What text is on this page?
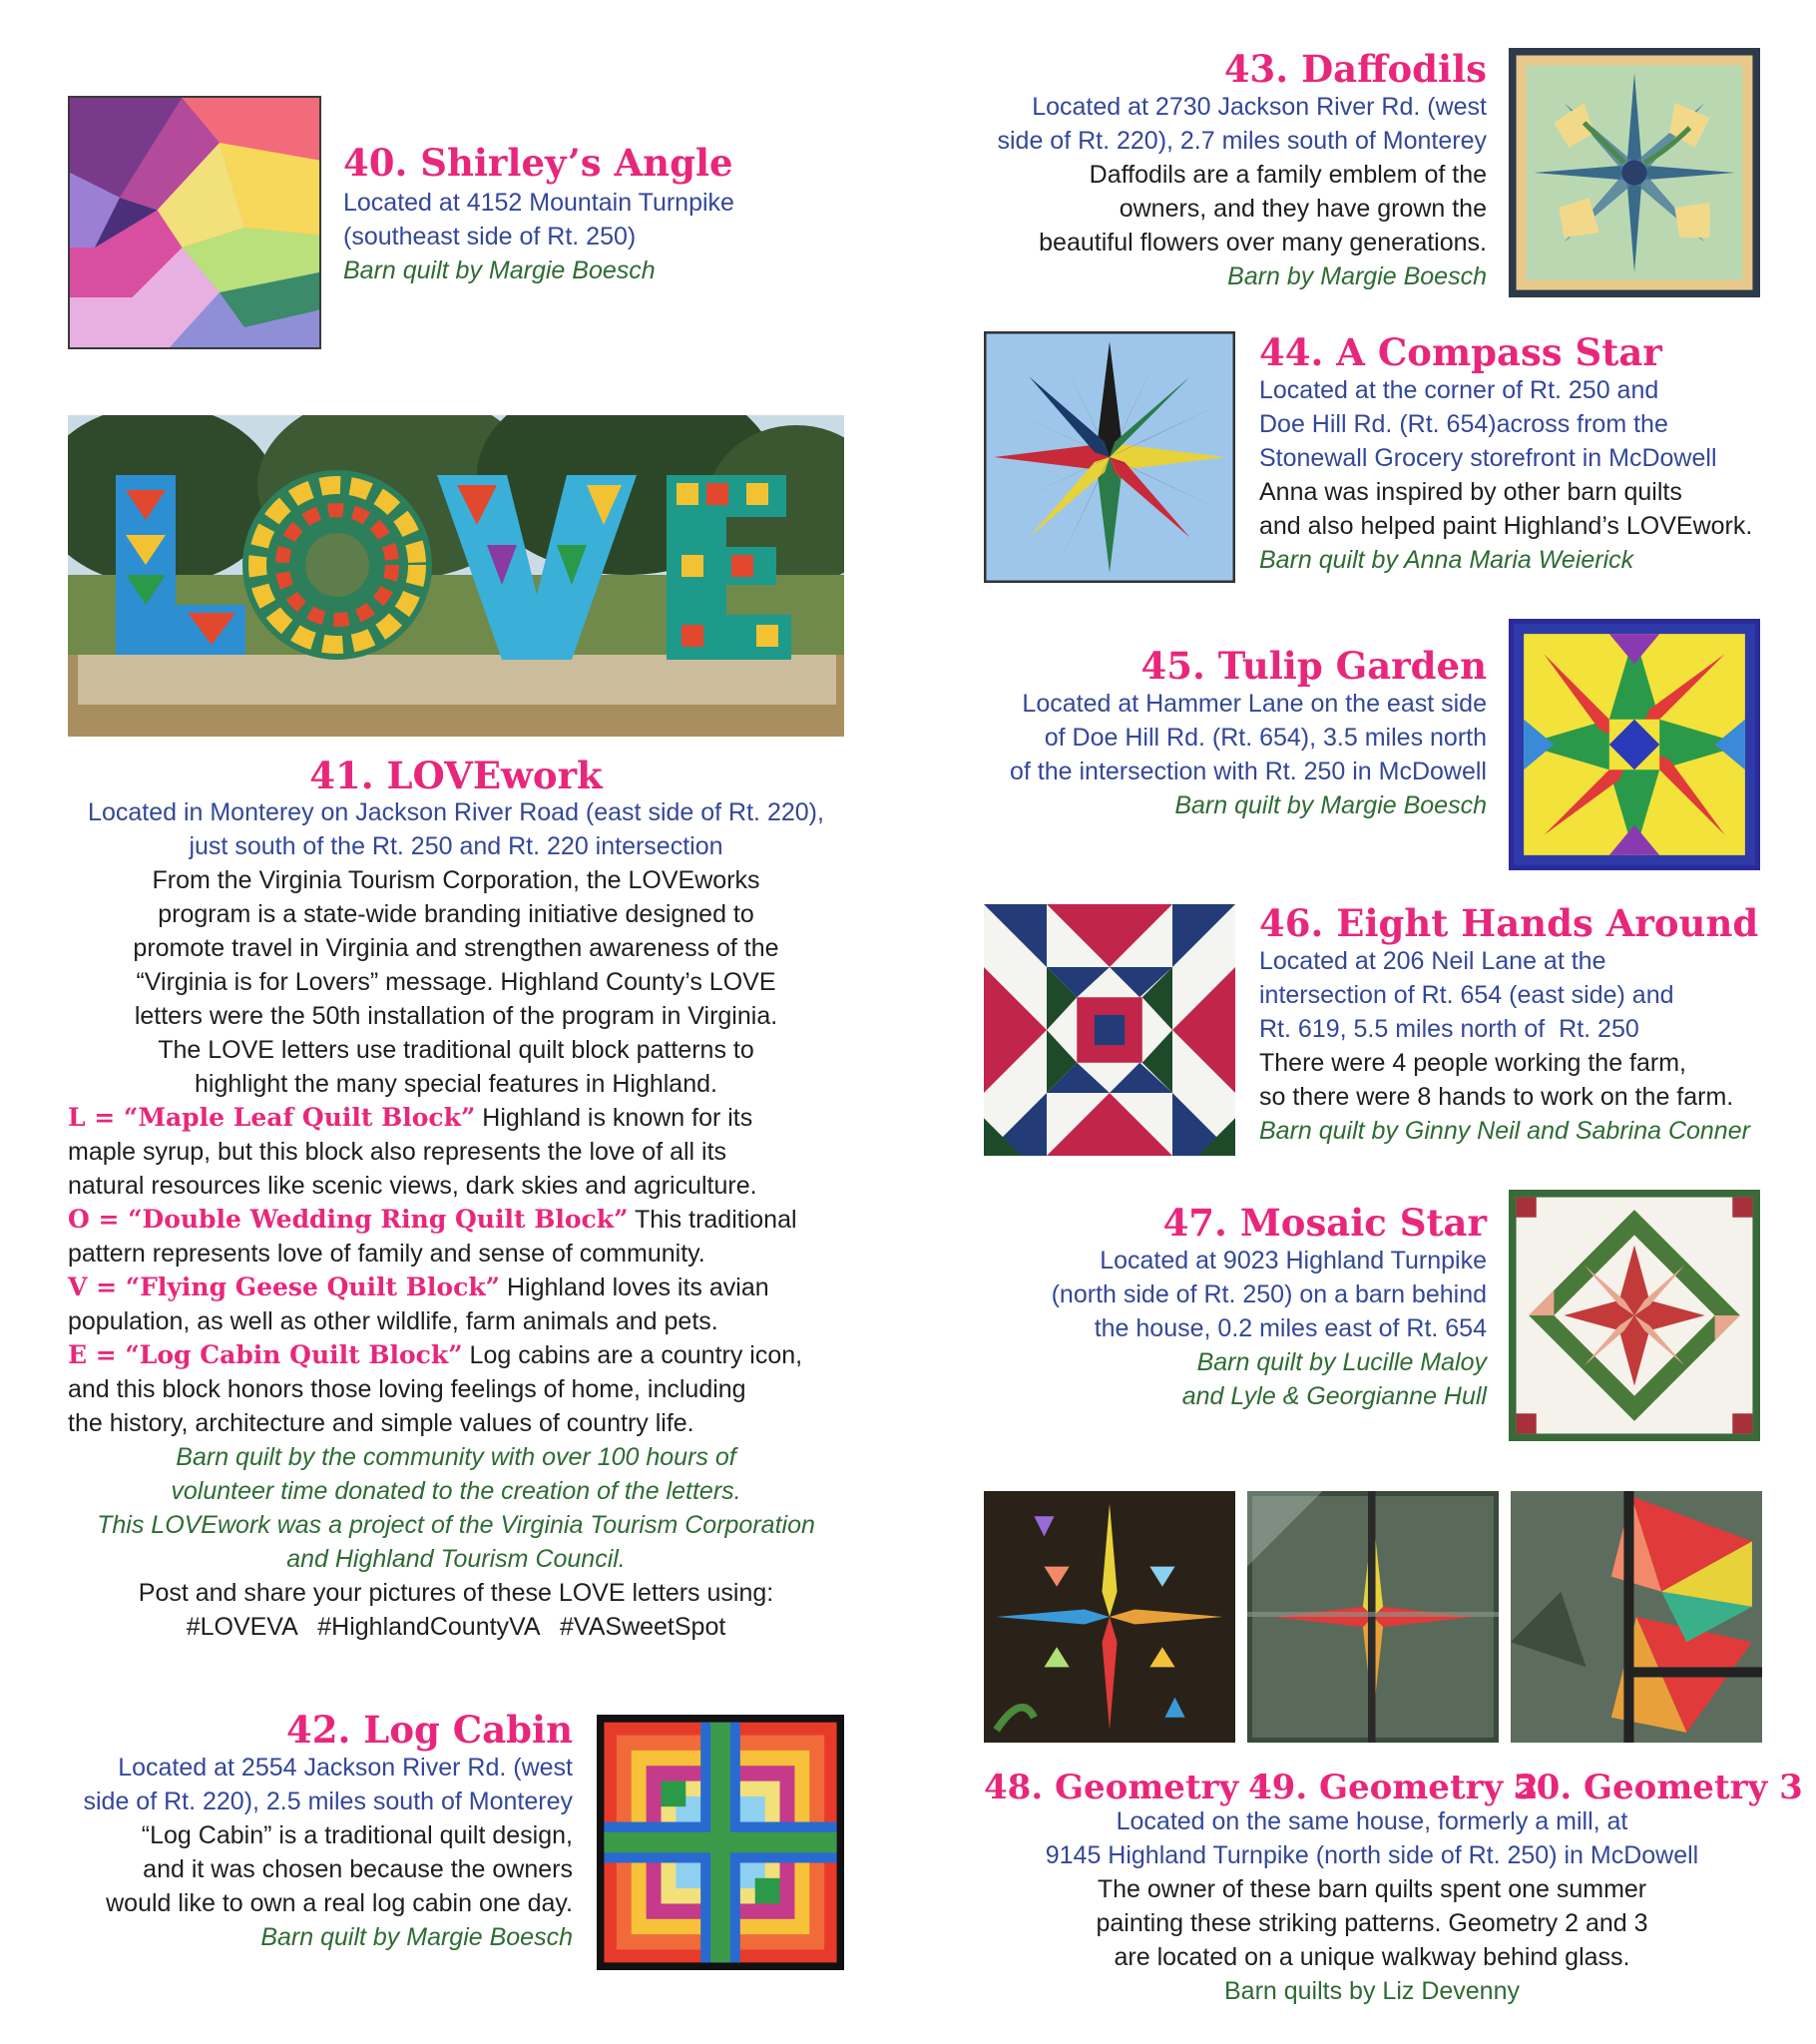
40. Shirley’s Angle
Located at 4152 Mountain Turnpike
(southeast side of Rt. 250)
Barn quilt by Margie Boesch
41. LOVEwork
Located in Monterey on Jackson River Road (east side of Rt. 220),
just south of the Rt. 250 and Rt. 220 intersection
From the Virginia Tourism Corporation, the LOVEworks
program is a state-wide branding initiative designed to
promote travel in Virginia and strengthen awareness of the
“Virginia is for Lovers” message. Highland County’s LOVE
letters were the 50th installation of the program in Virginia.
The LOVE letters use traditional quilt block patterns to
highlight the many special features in Highland.
L = “Maple Leaf Quilt Block” Highland is known for its
maple syrup, but this block also represents the love of all its
natural resources like scenic views, dark skies and agriculture.
O = “Double Wedding Ring Quilt Block” This traditional
pattern represents love of family and sense of community.
V = “Flying Geese Quilt Block” Highland loves its avian
population, as well as other wildlife, farm animals and pets.
E = “Log Cabin Quilt Block” Log cabins are a country icon,
and this block honors those loving feelings of home, including
the history, architecture and simple values of country life.
Barn quilt by the community with over 100 hours of
volunteer time donated to the creation of the letters.
This LOVEwork was a project of the Virginia Tourism Corporation
and Highland Tourism Council.
Post and share your pictures of these LOVE letters using:
#LOVEVA   #HighlandCountyVA   #VASweetSpot
42. Log Cabin
Located at 2554 Jackson River Rd. (west
side of Rt. 220), 2.5 miles south of Monterey
“Log Cabin” is a traditional quilt design,
and it was chosen because the owners
would like to own a real log cabin one day.
Barn quilt by Margie Boesch
43. Daffodils
Located at 2730 Jackson River Rd. (west
side of Rt. 220), 2.7 miles south of Monterey
Daffodils are a family emblem of the
owners, and they have grown the
beautiful flowers over many generations.
Barn by Margie Boesch
44. A Compass Star
Located at the corner of Rt. 250 and
Doe Hill Rd. (Rt. 654)across from the
Stonewall Grocery storefront in McDowell
Anna was inspired by other barn quilts
and also helped paint Highland’s LOVEwork.
Barn quilt by Anna Maria Weierick
45. Tulip Garden
Located at Hammer Lane on the east side
of Doe Hill Rd. (Rt. 654), 3.5 miles north
of the intersection with Rt. 250 in McDowell
Barn quilt by Margie Boesch
46. Eight Hands Around
Located at 206 Neil Lane at the
intersection of Rt. 654 (east side) and
Rt. 619, 5.5 miles north of  Rt. 250
There were 4 people working the farm,
so there were 8 hands to work on the farm.
Barn quilt by Ginny Neil and Sabrina Conner
47. Mosaic Star
Located at 9023 Highland Turnpike
(north side of Rt. 250) on a barn behind
the house, 0.2 miles east of Rt. 654
Barn quilt by Lucille Maloy
and Lyle & Georgianne Hull
48. Geometry 1
49. Geometry 2
50. Geometry 3
Located on the same house, formerly a mill, at
9145 Highland Turnpike (north side of Rt. 250) in McDowell
The owner of these barn quilts spent one summer
painting these striking patterns. Geometry 2 and 3
are located on a unique walkway behind glass.
Barn quilts by Liz Devenny
